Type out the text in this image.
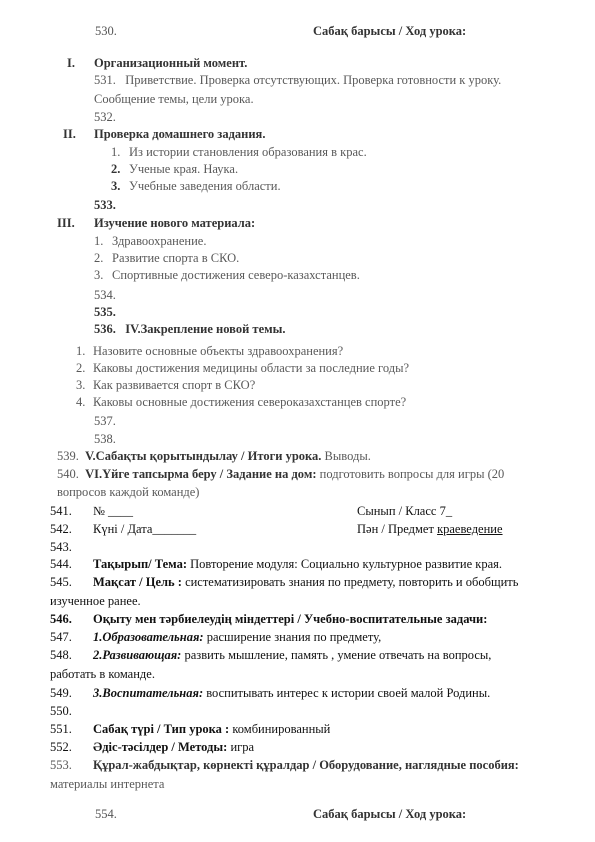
530.	Сабақ барысы / Ход урока:
I. Организационный момент.
531. Приветствие. Проверка отсутствующих. Проверка готовности к уроку.
Сообщение темы, цели урока.
532.
II. Проверка домашнего задания.
1. Из истории становления образования в крас.
2. Ученые края. Наука.
3. Учебные заведения области.
533.
III. Изучение нового материала:
1. Здравоохранение.
2. Развитие спорта в СКО.
3. Спортивные достижения северо-казахстанцев.
534.
535.
536. IV.Закрепление новой темы.
1. Назовите основные объекты здравоохранения?
2. Каковы достижения медицины области за последние годы?
3. Как развивается спорт в СКО?
4. Каковы основные достижения североказахстанцев спорте?
537.
538.
539. V.Сабақты қорытындылау / Итоги урока. Выводы.
540. VI.Үйге тапсырма беру / Задание на дом: подготовить вопросы для игры (20
вопросов каждой команде)
541. № ____	Сынып / Класс 7_
542. Күні / Дата_______	Пән / Предмет краеведение
543.
544. Тақырып/ Тема: Повторение модуля: Социально культурное развитие края.
545. Мақсат / Цель : систематизировать знания по предмету, повторить и обобщить
изученное ранее.
546. Оқыту мен тәрбиелеудің міндеттері / Учебно-воспитательные задачи:
547. 1.Образовательная: расширение знания по предмету,
548. 2.Развивающая: развить мышление, память , умение отвечать на вопросы,
работать в команде.
549. 3.Воспитательная: воспитывать интерес к истории своей малой Родины.
550.
551. Сабақ түрі / Тип урока : комбинированный
552. Әдіс-тәсілдер / Методы: игра
553. Құрал-жабдықтар, көрнекті құралдар / Оборудование, наглядные пособия:
материалы интернета
554.	Сабақ барысы / Ход урока:
